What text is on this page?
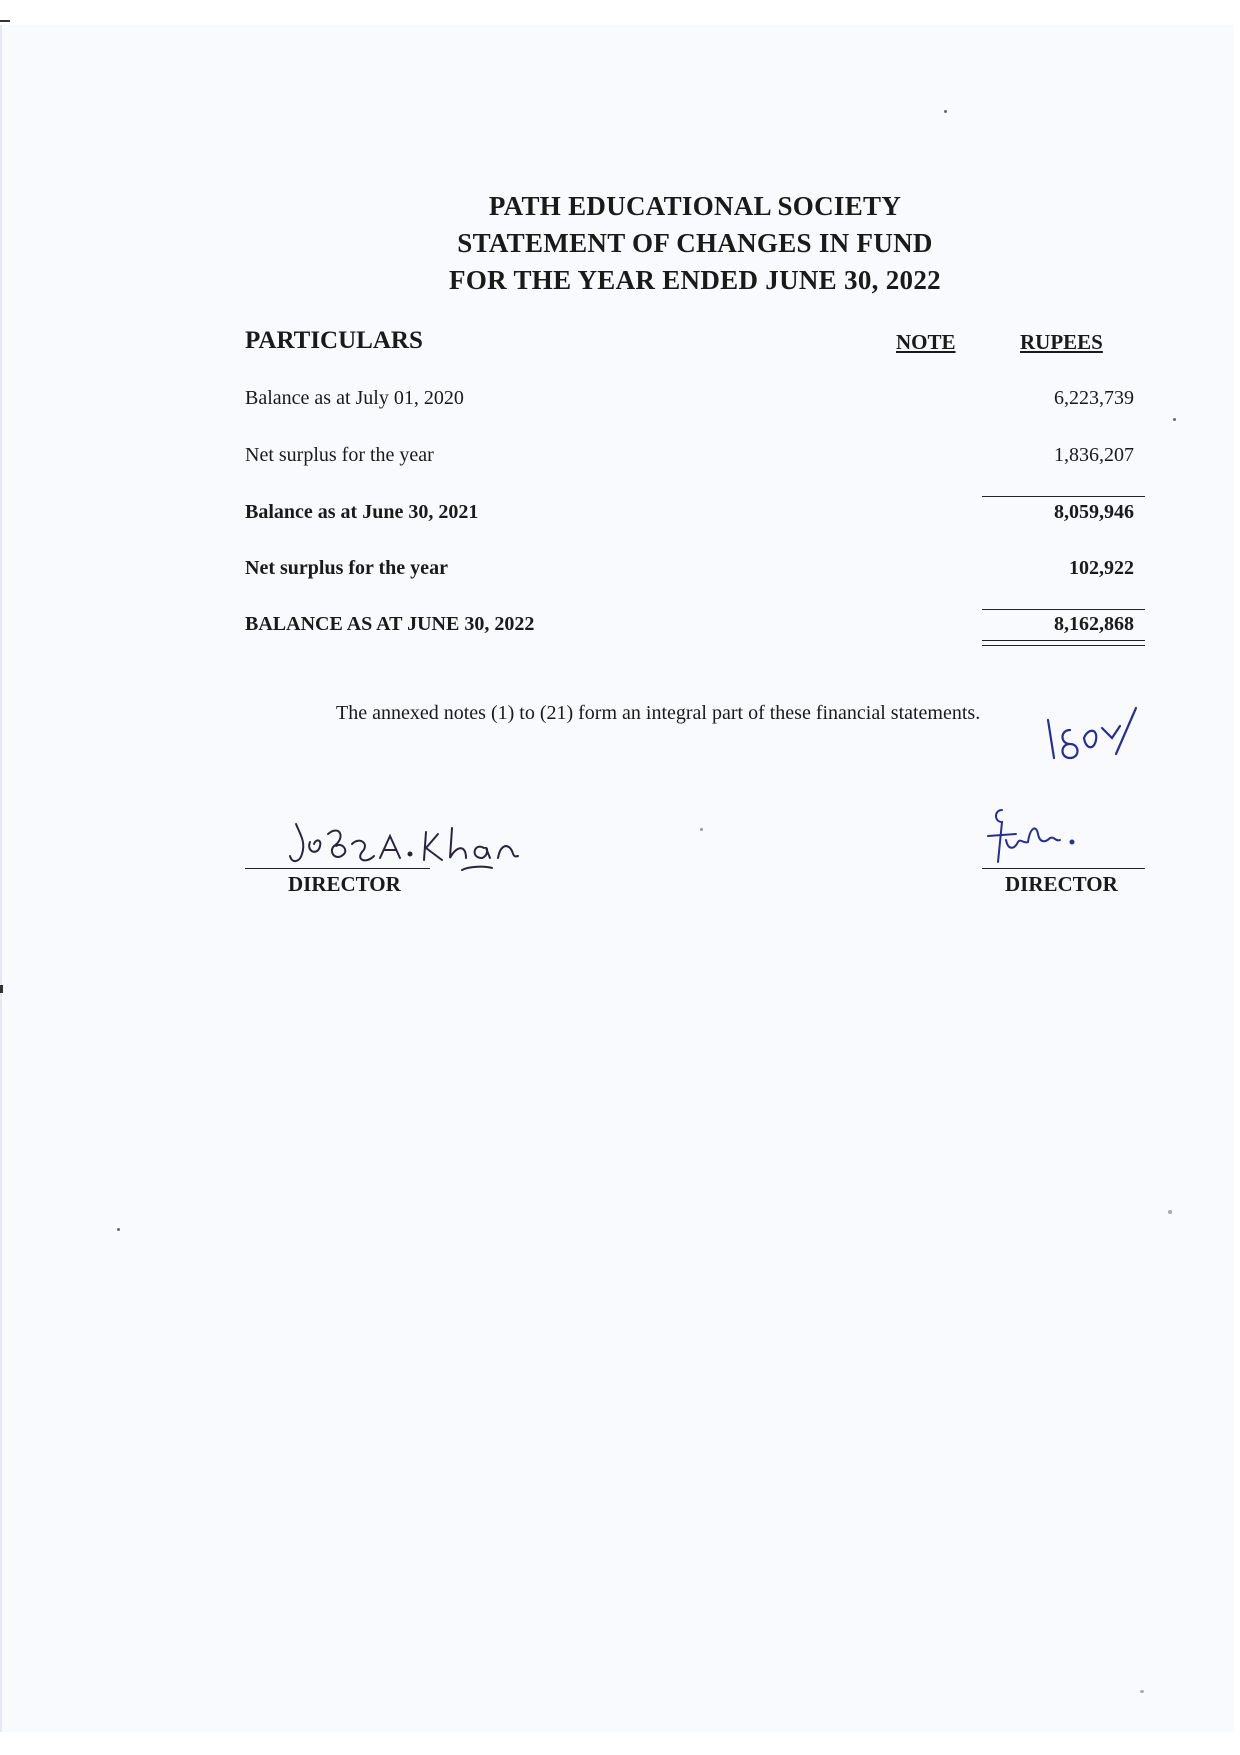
PATH EDUCATIONAL SOCIETY
STATEMENT OF CHANGES IN FUND
FOR THE YEAR ENDED JUNE 30, 2022
PARTICULARS	NOTE	RUPEES
Balance as at July 01, 2020	6,223,739
Net surplus for the year	1,836,207
Balance as at June 30, 2021	8,059,946
Net surplus for the year	102,922
BALANCE AS AT JUNE 30, 2022	8,162,868
The annexed notes (1) to (21) form an integral part of these financial statements.
DIRECTOR	DIRECTOR
